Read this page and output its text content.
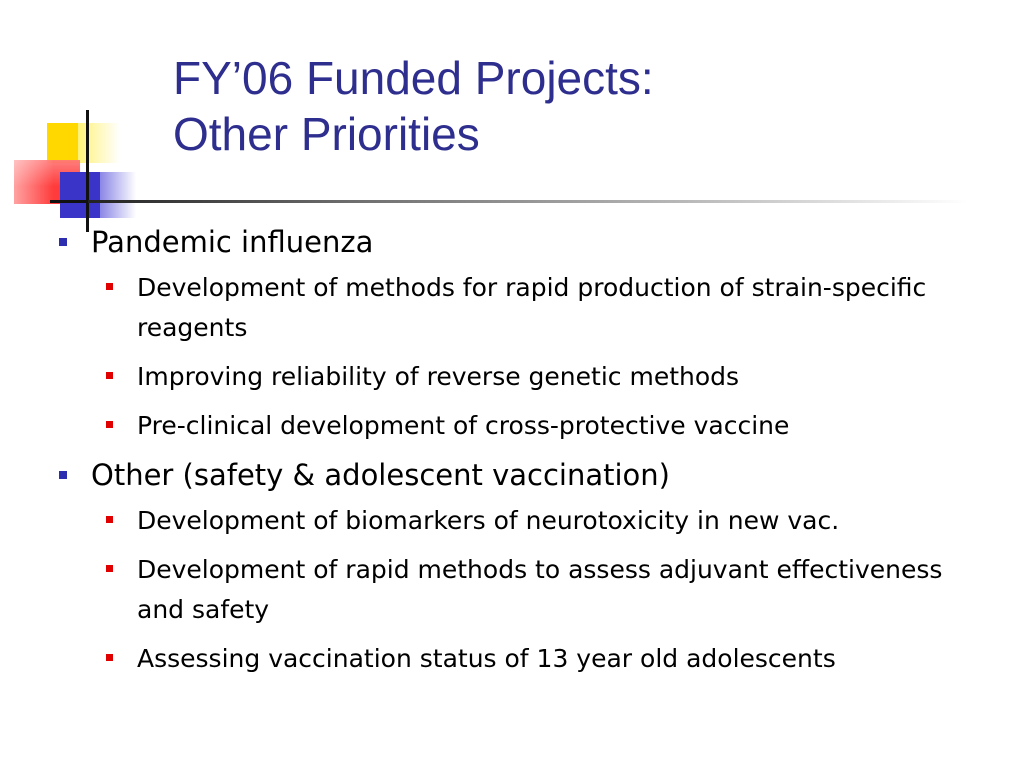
FY’06 Funded Projects:
Other Priorities
Pandemic influenza
Development of methods for rapid production of strain-specific reagents
Improving reliability of reverse genetic methods
Pre-clinical development of cross-protective vaccine
Other (safety & adolescent vaccination)
Development of biomarkers of neurotoxicity in new vac.
Development of rapid methods to assess adjuvant effectiveness and safety
Assessing vaccination status of 13 year old adolescents
